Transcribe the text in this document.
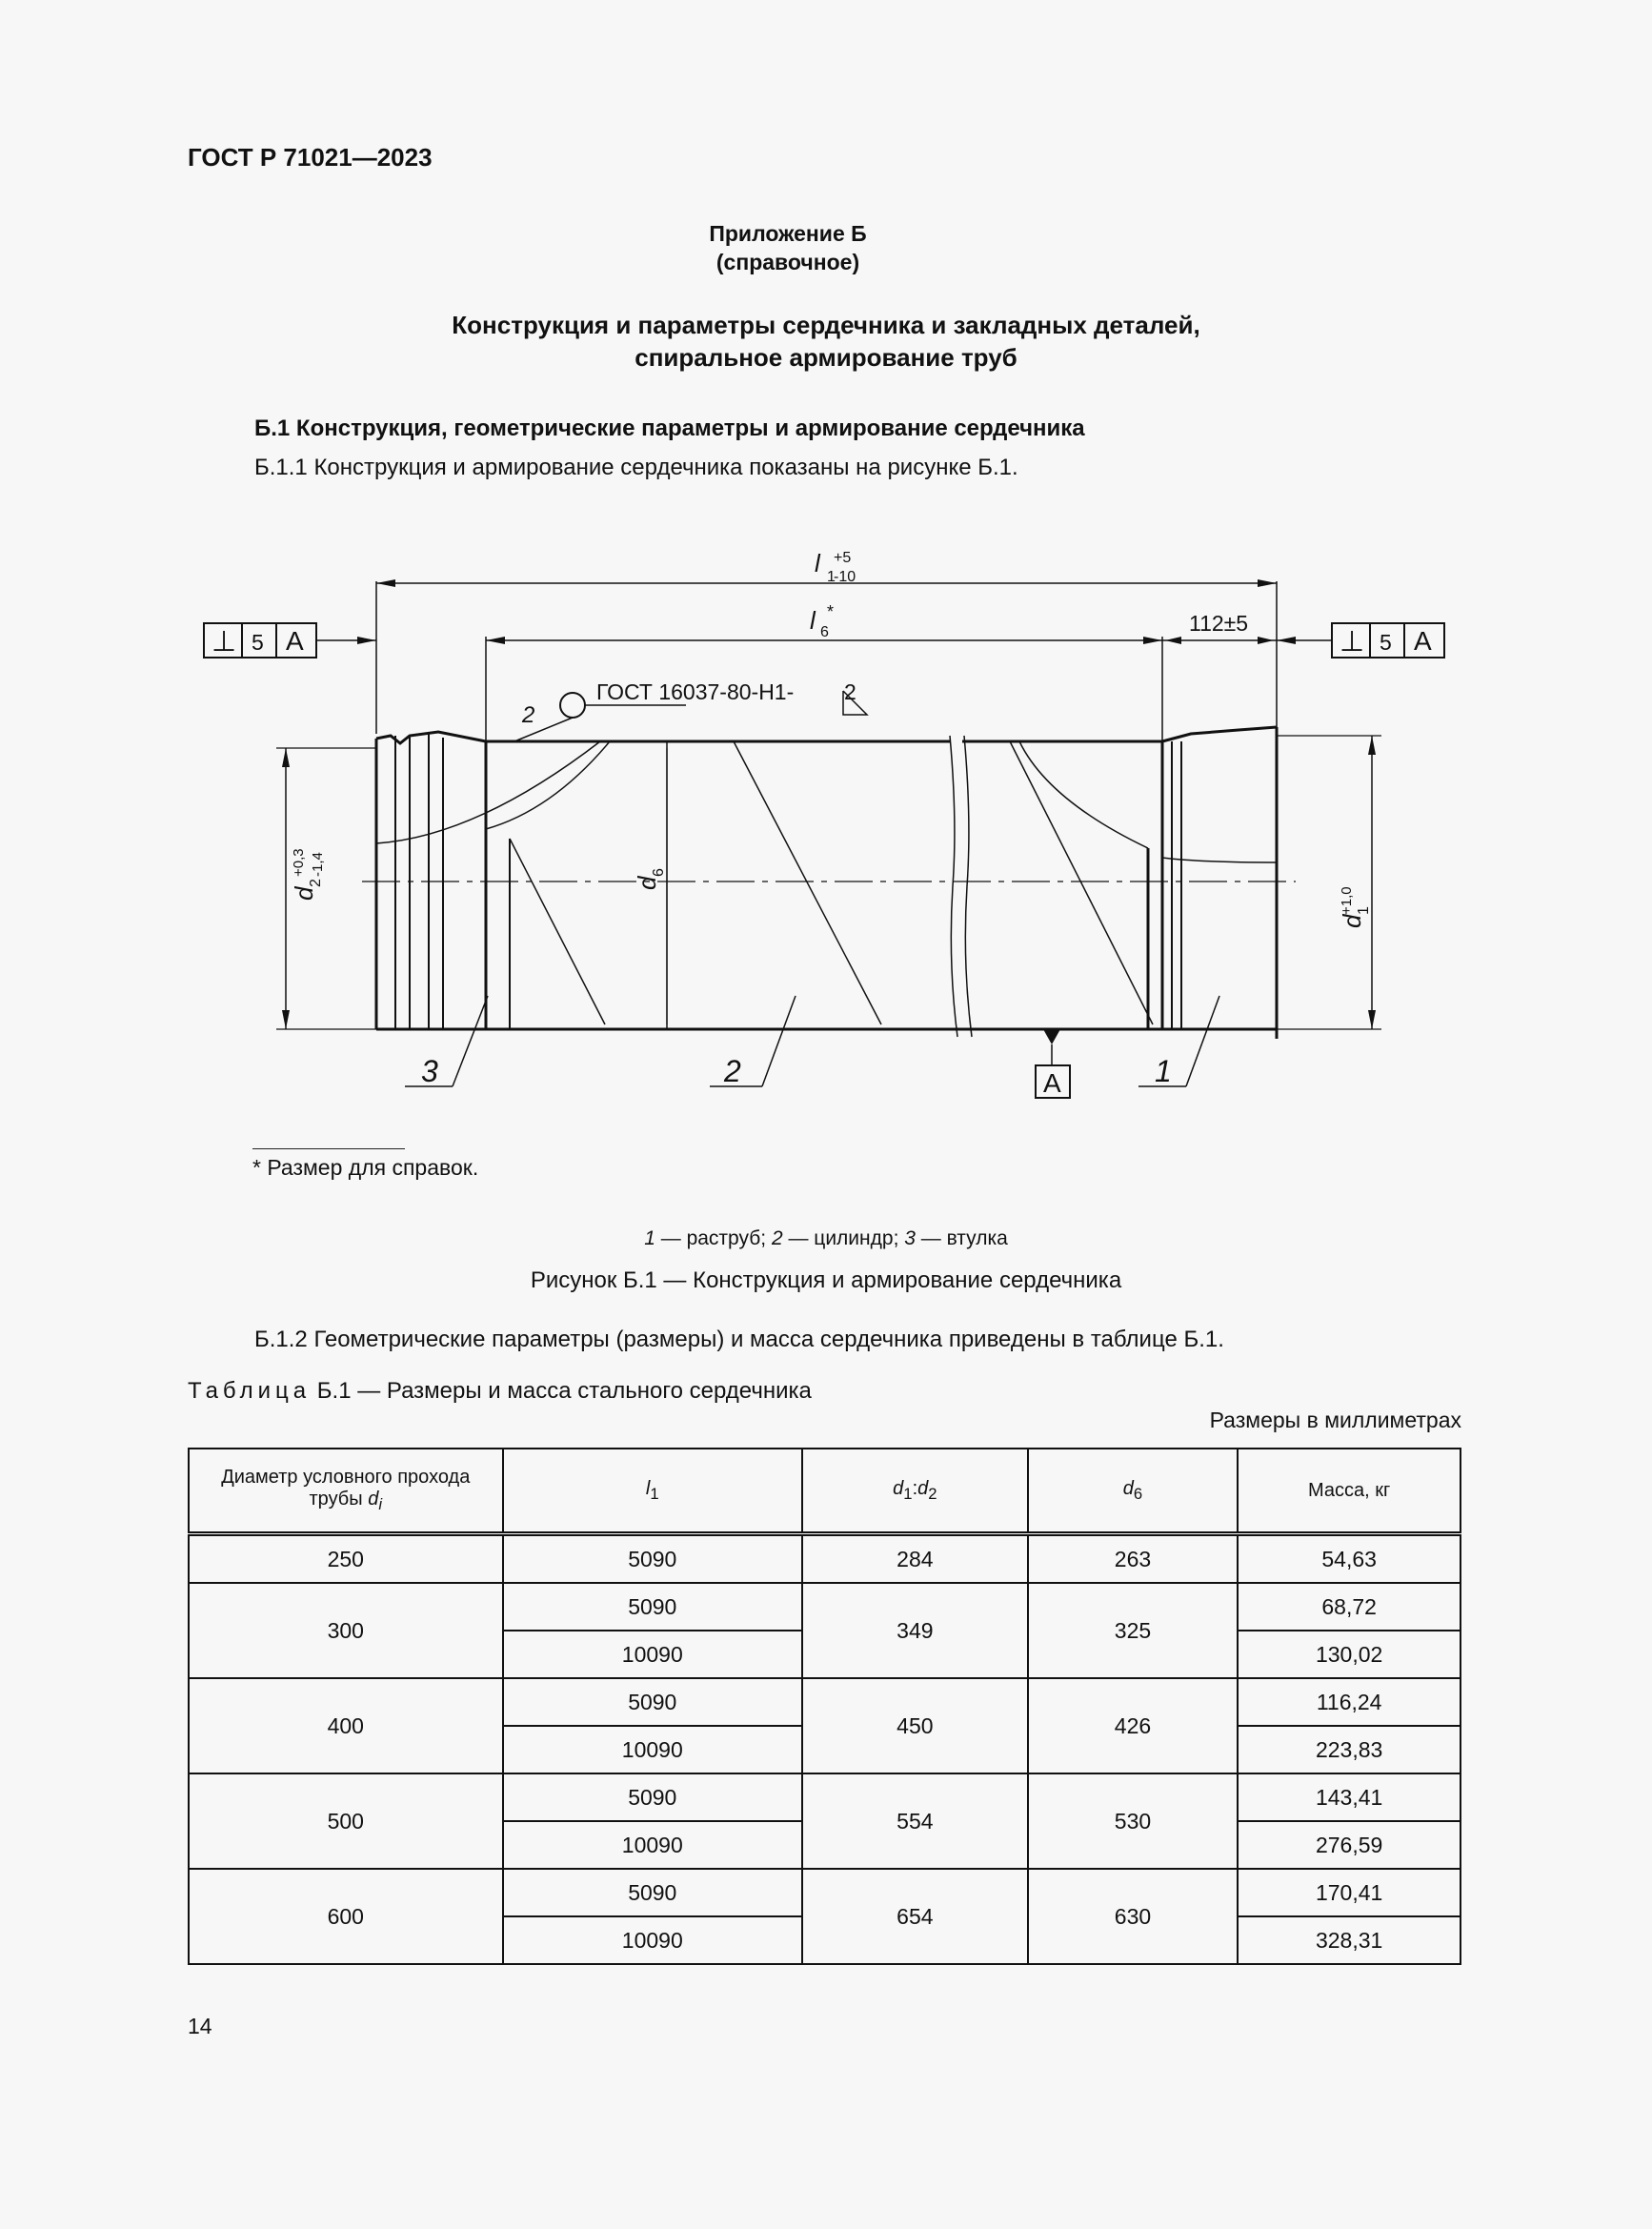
ГОСТ Р 71021—2023
Приложение Б
(справочное)
Конструкция и параметры сердечника и закладных деталей,
спиральное армирование труб
Б.1 Конструкция, геометрические параметры и армирование сердечника
Б.1.1 Конструкция и армирование сердечника показаны на рисунке Б.1.
l 1
+5
-10
l 6
*	112±5
⊥ 5 A	⊥ 5 A
ГОСТ 16037-80-Н1- 2
2
d
2
+0,3 -1,4
d
6
d
1
+1,0
3	2	1
A
* Размер для справок.
1 — раструб; 2 — цилиндр; 3 — втулка
Рисунок Б.1 — Конструкция и армирование сердечника
Б.1.2 Геометрические параметры (размеры) и масса сердечника приведены в таблице Б.1.
Таблица Б.1 — Размеры и масса стального сердечника
Размеры в миллиметрах
Диаметр условного прохода
трубы $d_i$	$l_1$	$d_1:d_2$	$d_6$	Масса, кг
250	5090	284	263	54,63
300	5090	349	325	68,72
	10090			130,02
400	5090	450	426	116,24
	10090			223,83
500	5090	554	530	143,41
	10090			276,59
600	5090	654	630	170,41
	10090			328,31
14
